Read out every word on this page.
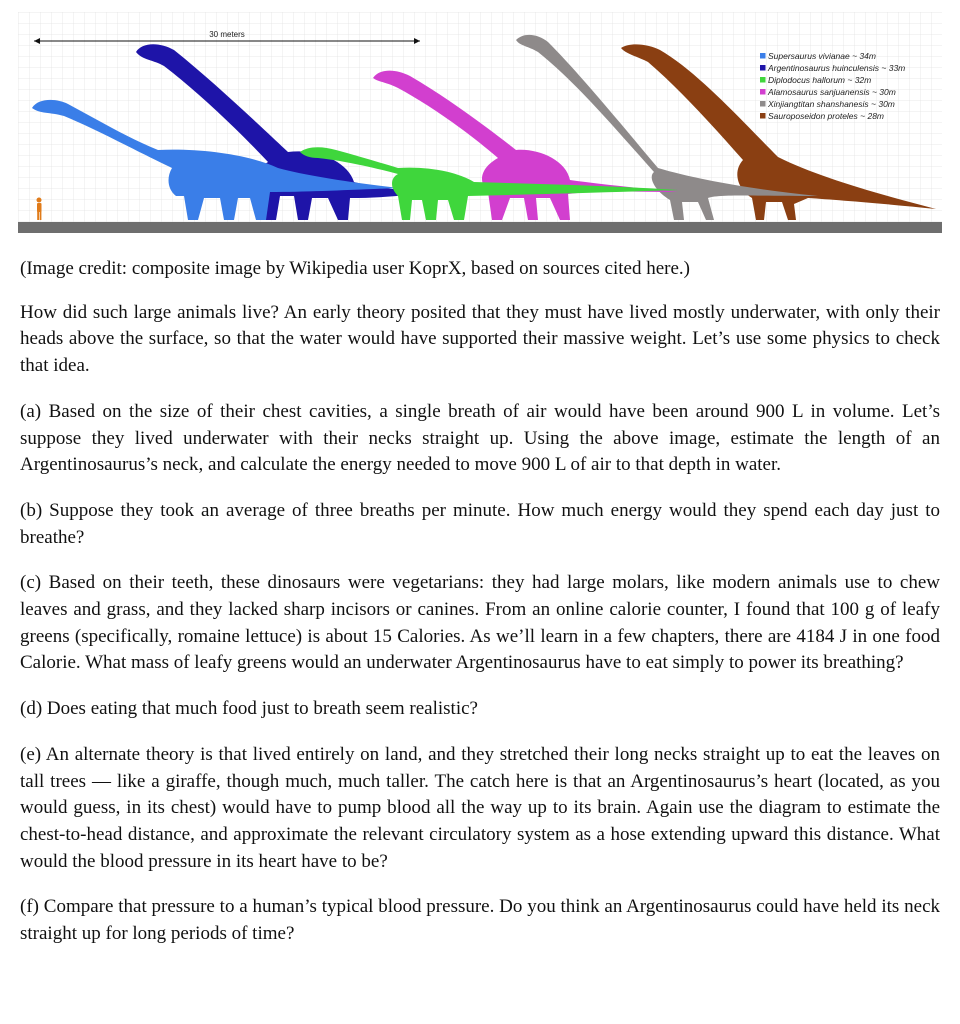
30 meters
Supersaurus vivianae ~ 34m
Argentinosaurus huinculensis ~ 33m
Diplodocus hallorum ~ 32m
Alamosaurus sanjuanensis ~ 30m
Xinjiangtitan shanshanesis ~ 30m
Sauroposeidon proteles ~ 28m

(Image credit: composite image by Wikipedia user KoprX, based on sources cited here.)

How did such large animals live? An early theory posited that they must have lived mostly underwater, with only their heads above the surface, so that the water would have supported their massive weight. Let’s use some physics to check that idea.

(a) Based on the size of their chest cavities, a single breath of air would have been around 900 L in volume. Let’s suppose they lived underwater with their necks straight up. Using the above image, estimate the length of an Argentinosaurus’s neck, and calculate the energy needed to move 900 L of air to that depth in water.

(b) Suppose they took an average of three breaths per minute. How much energy would they spend each day just to breathe?

(c) Based on their teeth, these dinosaurs were vegetarians: they had large molars, like modern animals use to chew leaves and grass, and they lacked sharp incisors or canines. From an online calorie counter, I found that 100 g of leafy greens (specifically, romaine lettuce) is about 15 Calories. As we’ll learn in a few chapters, there are 4184 J in one food Calorie. What mass of leafy greens would an underwater Argentinosaurus have to eat simply to power its breathing?

(d) Does eating that much food just to breath seem realistic?

(e) An alternate theory is that lived entirely on land, and they stretched their long necks straight up to eat the leaves on tall trees — like a giraffe, though much, much taller. The catch here is that an Argentinosaurus’s heart (located, as you would guess, in its chest) would have to pump blood all the way up to its brain. Again use the diagram to estimate the chest-to-head distance, and approximate the relevant circulatory system as a hose extending upward this distance. What would the blood pressure in its heart have to be?

(f) Compare that pressure to a human’s typical blood pressure. Do you think an Argentinosaurus could have held its neck straight up for long periods of time?
